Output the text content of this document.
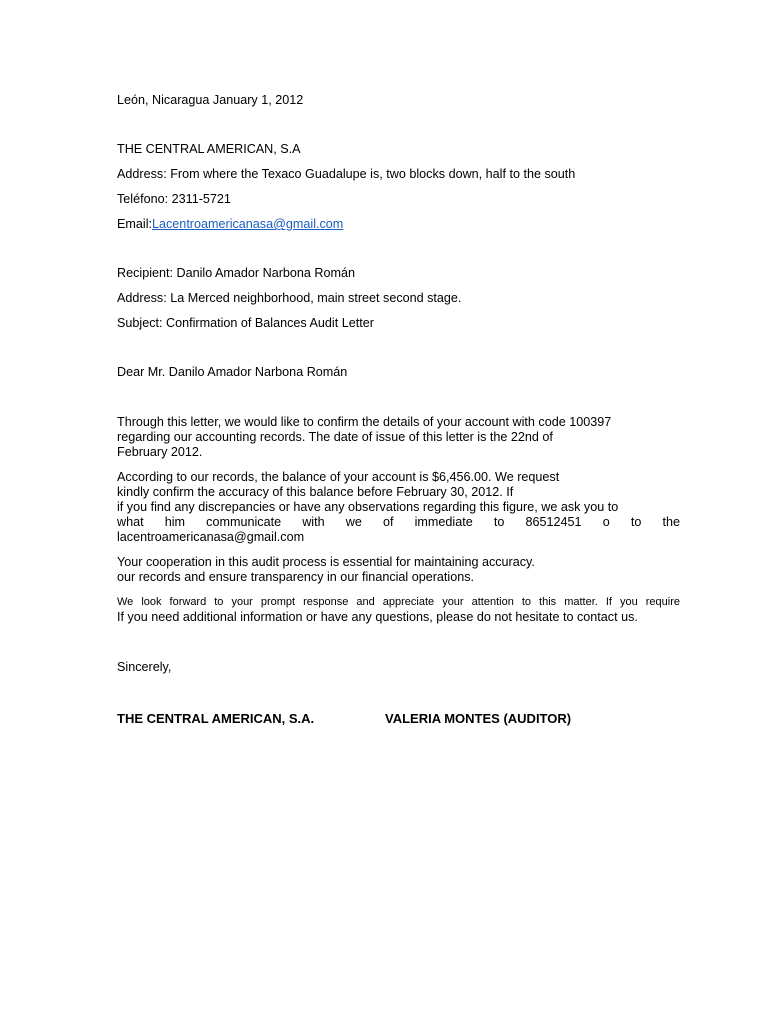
León, Nicaragua January 1, 2012
THE CENTRAL AMERICAN, S.A
Address: From where the Texaco Guadalupe is, two blocks down, half to the south
Teléfono: 2311-5721
Email:Lacentroamericanasa@gmail.com
Recipient: Danilo Amador Narbona Román
Address: La Merced neighborhood, main street second stage.
Subject: Confirmation of Balances Audit Letter
Dear Mr. Danilo Amador Narbona Román
Through this letter, we would like to confirm the details of your account with code 100397
regarding our accounting records. The date of issue of this letter is the 22nd of
February 2012.
According to our records, the balance of your account is $6,456.00. We request
kindly confirm the accuracy of this balance before February 30, 2012. If
if you find any discrepancies or have any observations regarding this figure, we ask you to
what him communicate with we of immediate to 86512451 o to the
lacentroamericanasa@gmail.com
Your cooperation in this audit process is essential for maintaining accuracy.
our records and ensure transparency in our financial operations.
We look forward to your prompt response and appreciate your attention to this matter. If you require
If you need additional information or have any questions, please do not hesitate to contact us.
Sincerely,
THE CENTRAL AMERICAN, S.A.	VALERIA MONTES (AUDITOR)
